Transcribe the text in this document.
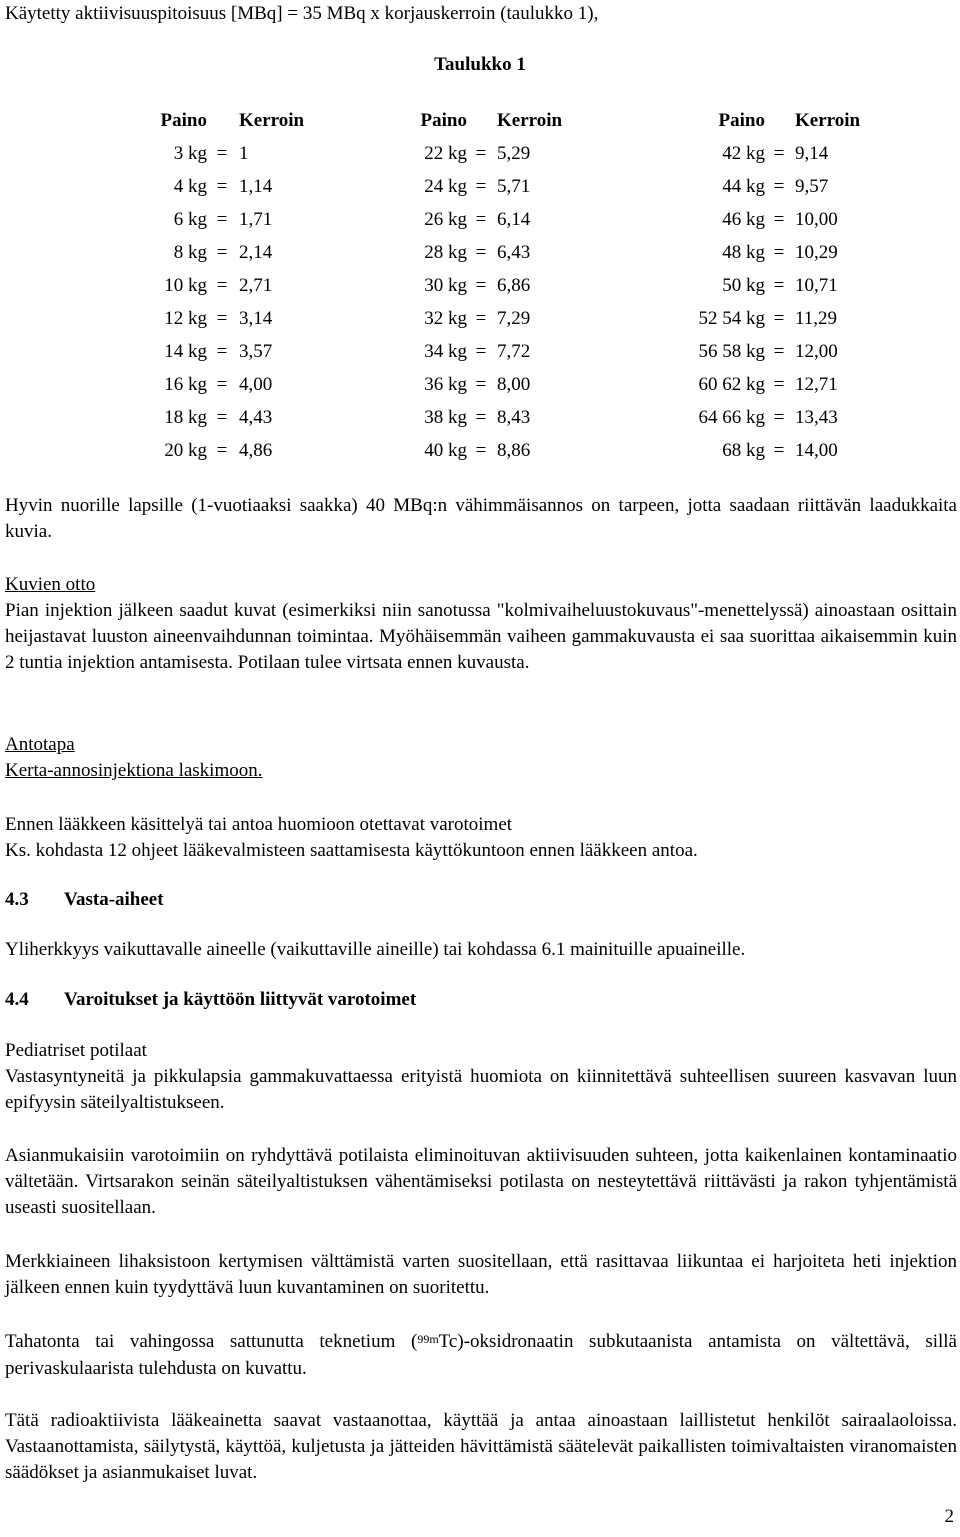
Käytetty aktiivisuuspitoisuus [MBq] = 35 MBq x korjauskerroin (taulukko 1),

Taulukko 1
Paino		Kerroin	Paino		Kerroin	Paino		Kerroin
3 kg	=	1	22 kg	=	5,29	42 kg	=	9,14
4 kg	=	1,14	24 kg	=	5,71	44 kg	=	9,57
6 kg	=	1,71	26 kg	=	6,14	46 kg	=	10,00
8 kg	=	2,14	28 kg	=	6,43	48 kg	=	10,29
10 kg	=	2,71	30 kg	=	6,86	50 kg	=	10,71
12 kg	=	3,14	32 kg	=	7,29	52 54 kg	=	11,29
14 kg	=	3,57	34 kg	=	7,72	56 58 kg	=	12,00
16 kg	=	4,00	36 kg	=	8,00	60 62 kg	=	12,71
18 kg	=	4,43	38 kg	=	8,43	64 66 kg	=	13,43
20 kg	=	4,86	40 kg	=	8,86	68 kg	=	14,00

Hyvin nuorille lapsille (1-vuotiaaksi saakka) 40 MBq:n vähimmäisannos on tarpeen, jotta saadaan riittävän laadukkaita kuvia.

Kuvien otto

Pian injektion jälkeen saadut kuvat (esimerkiksi niin sanotussa "kolmivaiheluustokuvaus"-menettelyssä) ainoastaan osittain heijastavat luuston aineenvaihdunnan toimintaa. Myöhäisemmän vaiheen gammakuvausta ei saa suorittaa aikaisemmin kuin 2 tuntia injektion antamisesta. Potilaan tulee virtsata ennen kuvausta.

Antotapa

Kerta-annosinjektiona laskimoon.

Ennen lääkkeen käsittelyä tai antoa huomioon otettavat varotoimet

Ks. kohdasta 12 ohjeet lääkevalmisteen saattamisesta käyttökuntoon ennen lääkkeen antoa.

4.3 Vasta-aiheet

Yliherkkyys vaikuttavalle aineelle (vaikuttaville aineille) tai kohdassa 6.1 mainituille apuaineille.

4.4 Varoitukset ja käyttöön liittyvät varotoimet

Pediatriset potilaat

Vastasyntyneitä ja pikkulapsia gammakuvattaessa erityistä huomiota on kiinnitettävä suhteellisen suureen kasvavan luun epifyysin säteilyaltistukseen.

Asianmukaisiin varotoimiin on ryhdyttävä potilaista eliminoituvan aktiivisuuden suhteen, jotta kaikenlainen kontaminaatio vältetään. Virtsarakon seinän säteilyaltistuksen vähentämiseksi potilasta on nesteytettävä riittävästi ja rakon tyhjentämistä useasti suositellaan.

Merkkiaineen lihaksistoon kertymisen välttämistä varten suositellaan, että rasittavaa liikuntaa ei harjoiteta heti injektion jälkeen ennen kuin tyydyttävä luun kuvantaminen on suoritettu.

Tahatonta tai vahingossa sattunutta teknetium ($^{99m}$Tc)-oksidronaatin subkutaanista antamista on vältettävä, sillä perivaskulaarista tulehdusta on kuvattu.

Tätä radioaktiivista lääkeainetta saavat vastaanottaa, käyttää ja antaa ainoastaan laillistetut henkilöt sairaalaoloissa. Vastaanottamista, säilytystä, käyttöä, kuljetusta ja jätteiden hävittämistä säätelevät paikallisten toimivaltaisten viranomaisten säädökset ja asianmukaiset luvat.

2
